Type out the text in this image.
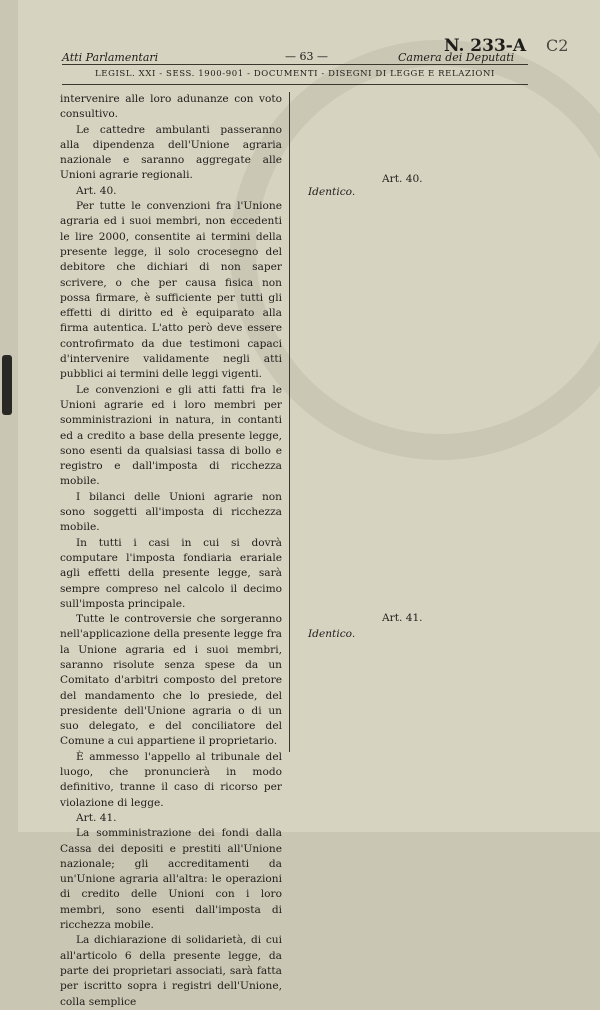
Atti Parlamentari	— 63 —	Camera dei Deputati
N. 233-A C2
LEGISL. XXI - SESS. 1900-901 - DOCUMENTI - DISEGNI DI LEGGE E RELAZIONI

intervenire alle loro adunanze con voto consultivo.

Le cattedre ambulanti passeranno alla dipendenza dell'Unione agraria nazionale e saranno aggregate alle Unioni agrarie regionali.

Art. 40.

Per tutte le convenzioni fra l'Unione agraria ed i suoi membri, non eccedenti le lire 2000, consentite ai termini della presente legge, il solo crocesegno del debitore che dichiari di non saper scrivere, o che per causa fisica non possa firmare, è sufficiente per tutti gli effetti di diritto ed è equiparato alla firma autentica. L'atto però deve essere controfirmato da due testimoni capaci d'intervenire validamente negli atti pubblici ai termini delle leggi vigenti.

Le convenzioni e gli atti fatti fra le Unioni agrarie ed i loro membri per somministrazioni in natura, in contanti ed a credito a base della presente legge, sono esenti da qualsiasi tassa di bollo e registro e dall'imposta di ricchezza mobile.

I bilanci delle Unioni agrarie non sono soggetti all'imposta di ricchezza mobile.

In tutti i casi in cui si dovrà computare l'imposta fondiaria erariale agli effetti della presente legge, sarà sempre compreso nel calcolo il decimo sull'imposta principale.

Tutte le controversie che sorgeranno nell'applicazione della presente legge fra la Unione agraria ed i suoi membri, saranno risolute senza spese da un Comitato d'arbitri composto del pretore del mandamento che lo presiede, del presidente dell'Unione agraria o di un suo delegato, e del conciliatore del Comune a cui appartiene il proprietario.

È ammesso l'appello al tribunale del luogo, che pronuncierà in modo definitivo, tranne il caso di ricorso per violazione di legge.

Art. 41.

La somministrazione dei fondi dalla Cassa dei depositi e prestiti all'Unione nazionale; gli accreditamenti da un'Unione agraria all'altra: le operazioni di credito delle Unioni con i loro membri, sono esenti dall'imposta di ricchezza mobile.

La dichiarazione di solidarietà, di cui all'articolo 6 della presente legge, da parte dei proprietari associati, sarà fatta per iscritto sopra i registri dell'Unione, colla semplice

Art. 40.
Identico.
Art. 41.
Identico.
